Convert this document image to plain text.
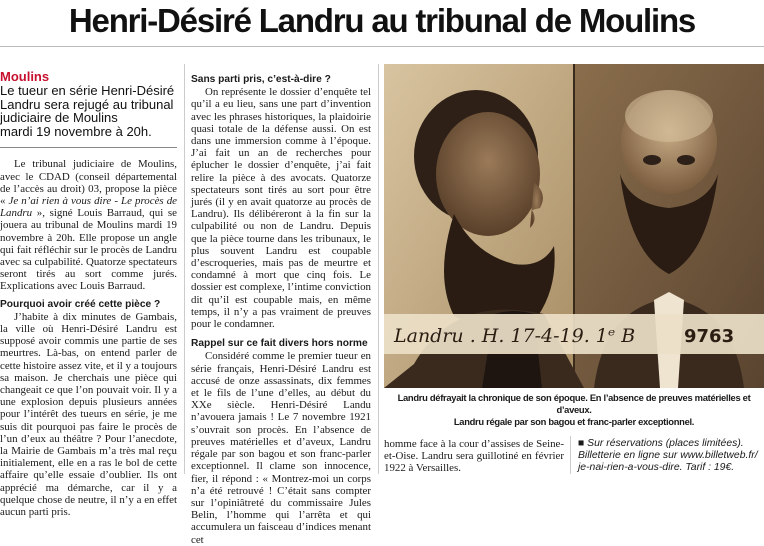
Henri-Désiré Landru au tribunal de Moulins
Moulins
Le tueur en série Henri-Désiré
Landru sera rejugé au tribunal
judiciaire de Moulins
mardi 19 novembre à 20h.

Le tribunal judiciaire de Moulins, avec le CDAD (conseil départemental de l’accès au droit) 03, propose la pièce « Je n’ai rien à vous dire - Le procès de Landru », signé Louis Barraud, qui se jouera au tribunal de Moulins mardi 19 novembre à 20h. Elle propose un angle qui fait réfléchir sur le procès de Landru avec sa culpabilité. Quatorze spectateurs seront tirés au sort comme jurés. Explications avec Louis Barraud.

Pourquoi avoir créé cette pièce ?

J’habite à dix minutes de Gambais, la ville où Henri-Désiré Landru est supposé avoir commis une partie de ses meurtres. Là-bas, on entend parler de cette histoire assez vite, et il y a toujours sa maison. Je cherchais une pièce qui changeait ce que l’on pouvait voir. Il y a une explosion depuis plusieurs années pour l’intérêt des tueurs en série, je me suis dit pourquoi pas faire le procès de l’un d’eux au théâtre ? Pour l’anecdote, la Mairie de Gambais m’a très mal reçu initialement, elle en a ras le bol de cette affaire qu’elle essaie d’oublier. Ils ont apprécié ma démarche, car il y a quelque chose de neutre, il n’y a en effet aucun parti pris.

Sans parti pris, c’est-à-dire ?

On représente le dossier d’enquête tel qu’il a eu lieu, sans une part d’invention avec les phrases historiques, la plaidoirie quasi totale de la défense aussi. On est dans une immersion comme à l’époque. J’ai fait un an de recherches pour éplucher le dossier d’enquête, j’ai fait relire la pièce à des avocats. Quatorze spectateurs sont tirés au sort pour être jurés (il y en avait quatorze au procès de Landru). Ils délibéreront à la fin sur la culpabilité ou non de Landru. Depuis que la pièce tourne dans les tribunaux, le plus souvent Landru est coupable d’escroqueries, mais pas de meurtre et condamné à mort que cinq fois. Le dossier est complexe, l’intime conviction dit qu’il est coupable mais, en même temps, il n’y a pas vraiment de preuves pour le condamner.

Rappel sur ce fait divers hors norme

Considéré comme le premier tueur en série français, Henri-Désiré Landru est accusé de onze assassinats, dix femmes et le fils de l’une d’elles, au début du XXe siècle. Henri-Désiré Landu n’avouera jamais ! Le 7 novembre 1921 s’ouvrait son procès. En l’absence de preuves matérielles et d’aveux, Landru régale par son bagou et son franc-parler exceptionnel. Il clame son innocence, fier, il répond : « Montrez-moi un corps n’a été retrouvé ! C’était sans compter sur l’opiniâtreté du commissaire Jules Belin, l’homme qui l’arrêta et qui accumulera un faisceau d’indices menant cet

Landru . H. 17-4-19. 1ᵉ B	9763
Landru défrayait la chronique de son époque. En l’absence de preuves matérielles et d’aveux.
Landru régale par son bagou et franc-parler exceptionnel.

homme face à la cour d’assises de Seine-et-Oise. Landru sera guillotiné en février 1922 à Versailles.

■ Sur réservations (places limitées).
Billetterie en ligne sur www.billetweb.fr/
je-nai-rien-a-vous-dire. Tarif : 19€.
